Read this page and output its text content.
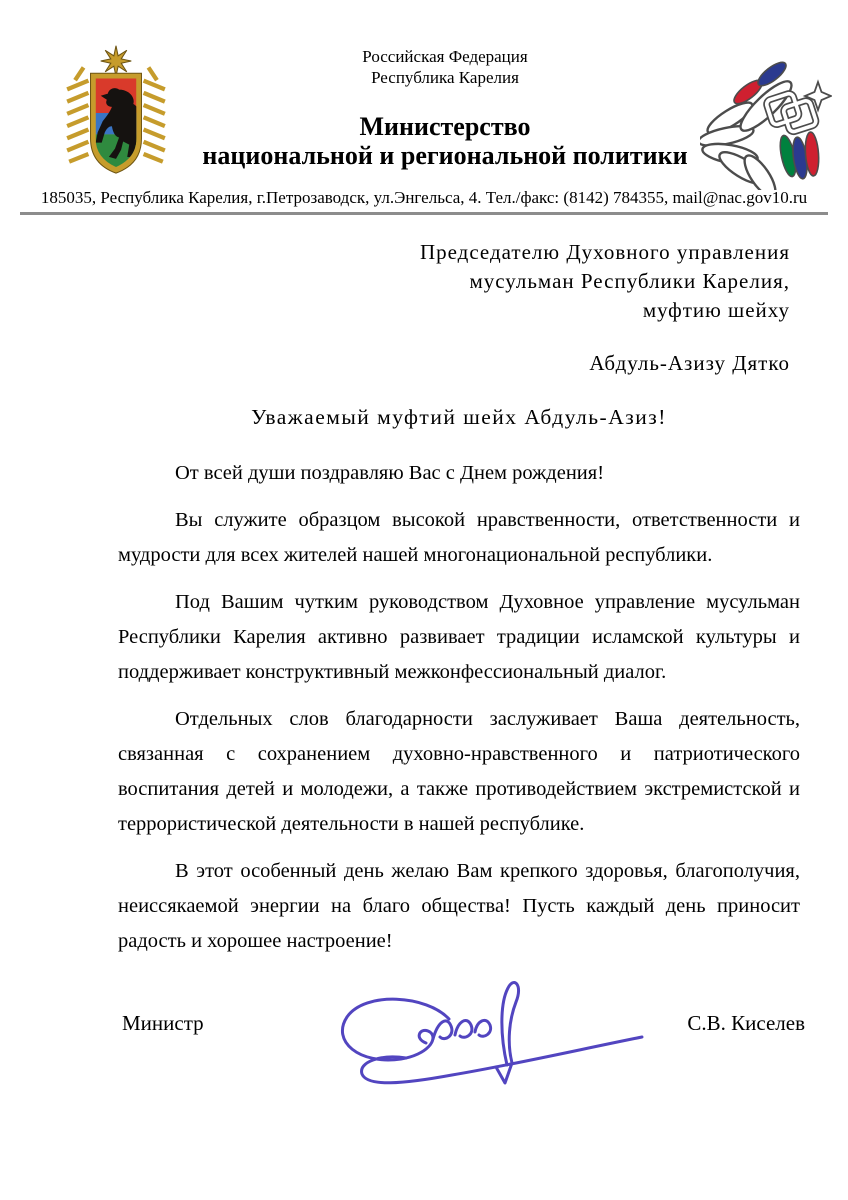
Российская Федерация
Республика Карелия
Министерство
национальной и региональной политики
185035, Республика Карелия, г.Петрозаводск, ул.Энгельса, 4. Тел./факс: (8142) 784355, mail@nac.gov10.ru
Председателю Духовного управления
мусульман Республики Карелия,
муфтию шейху
Абдуль-Азизу Дятко
Уважаемый муфтий шейх Абдуль-Азиз!

От всей души поздравляю Вас с Днем рождения!

Вы служите образцом высокой нравственности, ответственности и мудрости для всех жителей нашей многонациональной республики.

Под Вашим чутким руководством Духовное управление мусульман Республики Карелия активно развивает традиции исламской культуры и поддерживает конструктивный межконфессиональный диалог.

Отдельных слов благодарности заслуживает Ваша деятельность, связанная с сохранением духовно-нравственного и патриотического воспитания детей и молодежи, а также противодействием экстремистской и террористической деятельности в нашей республике.

В этот особенный день желаю Вам крепкого здоровья, благополучия, неиссякаемой энергии на благо общества! Пусть каждый день приносит радость и хорошее настроение!

Министр	С.В. Киселев
